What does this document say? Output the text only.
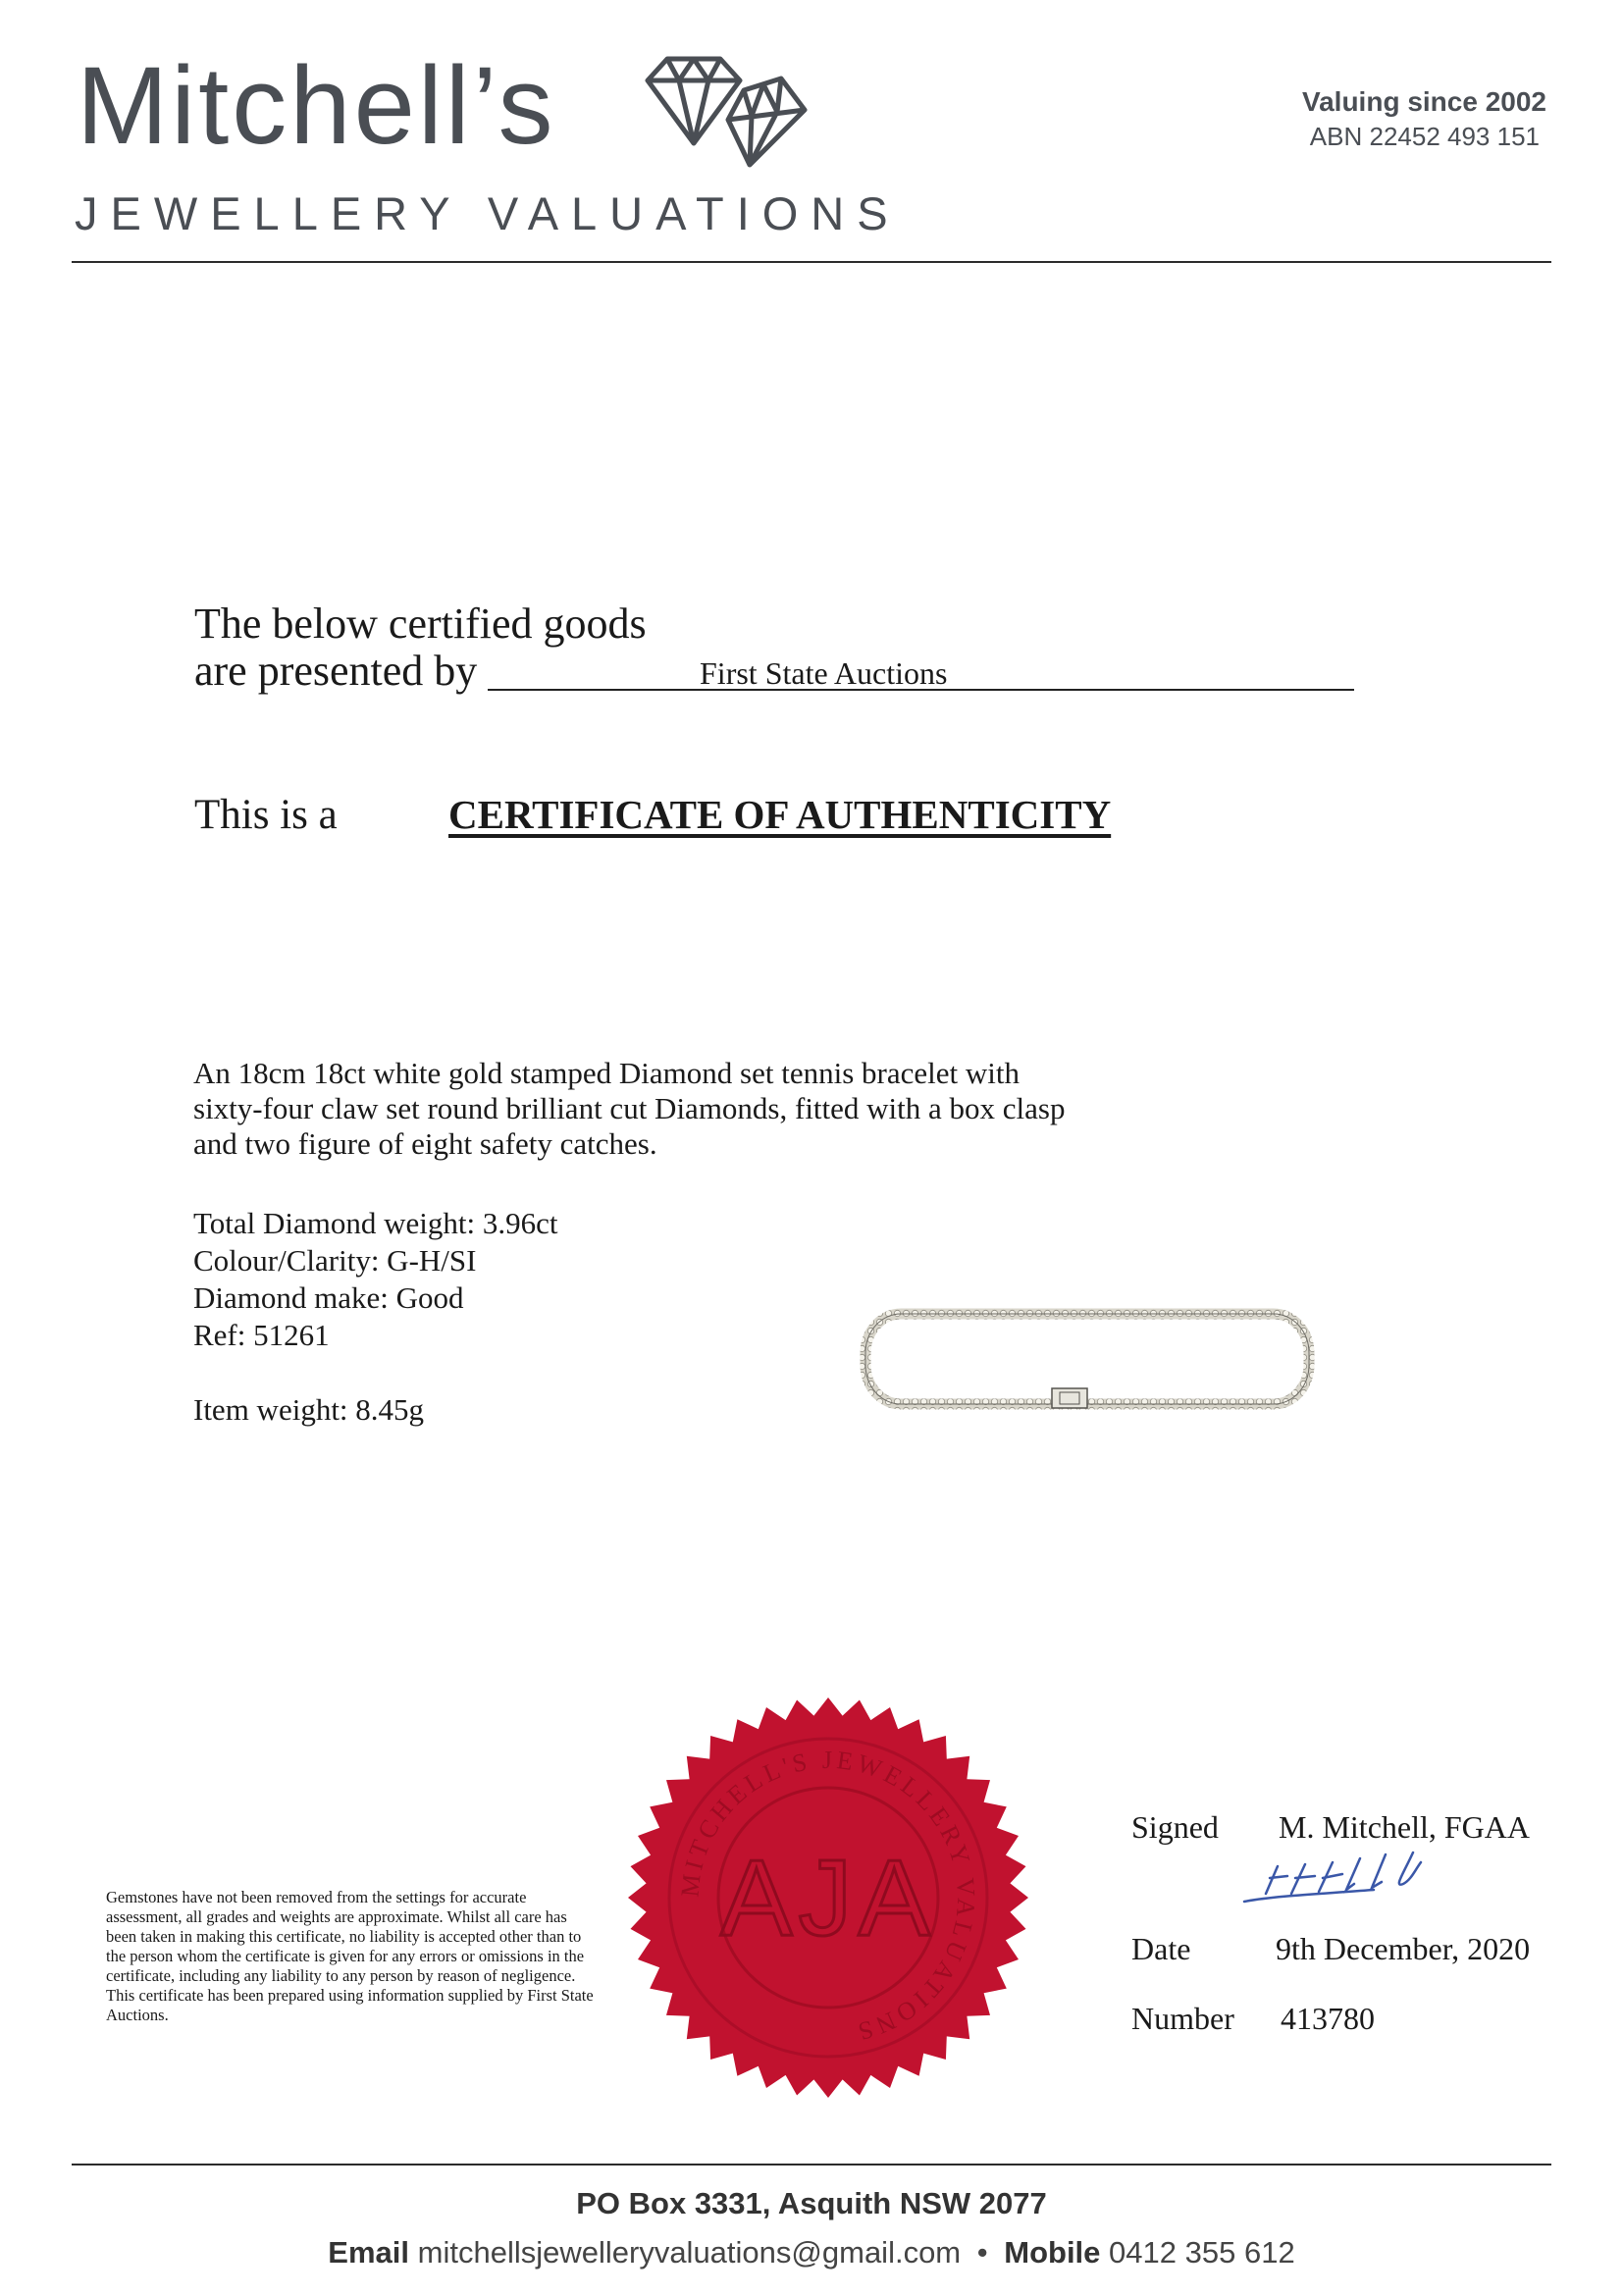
Mitchell’s
JEWELLERY VALUATIONS
Valuing since 2002
ABN 22452 493 151
The below certified goods
are presented by	First State Auctions
This is a	CERTIFICATE OF AUTHENTICITY
An 18cm 18ct white gold stamped Diamond set tennis bracelet with
sixty-four claw set round brilliant cut Diamonds, fitted with a box clasp
and two figure of eight safety catches.
Total Diamond weight: 3.96ct
Colour/Clarity: G-H/SI
Diamond make: Good
Ref: 51261
Item weight: 8.45g
Gemstones have not been removed from the settings for accurate assessment, all grades and weights are approximate. Whilst all care has been taken in making this certificate, no liability is accepted other than to the person whom the certificate is given for any errors or omissions in the certificate, including any liability to any person by reason of negligence. This certificate has been prepared using information supplied by First State Auctions.
MITCHELL'S JEWELLERY VALUATIONS
AJA
Signed M. Mitchell, FGAA
Date	9th December, 2020
Number 413780
PO Box 3331, Asquith NSW 2077
Email mitchellsjewelleryvaluations@gmail.com • Mobile 0412 355 612
